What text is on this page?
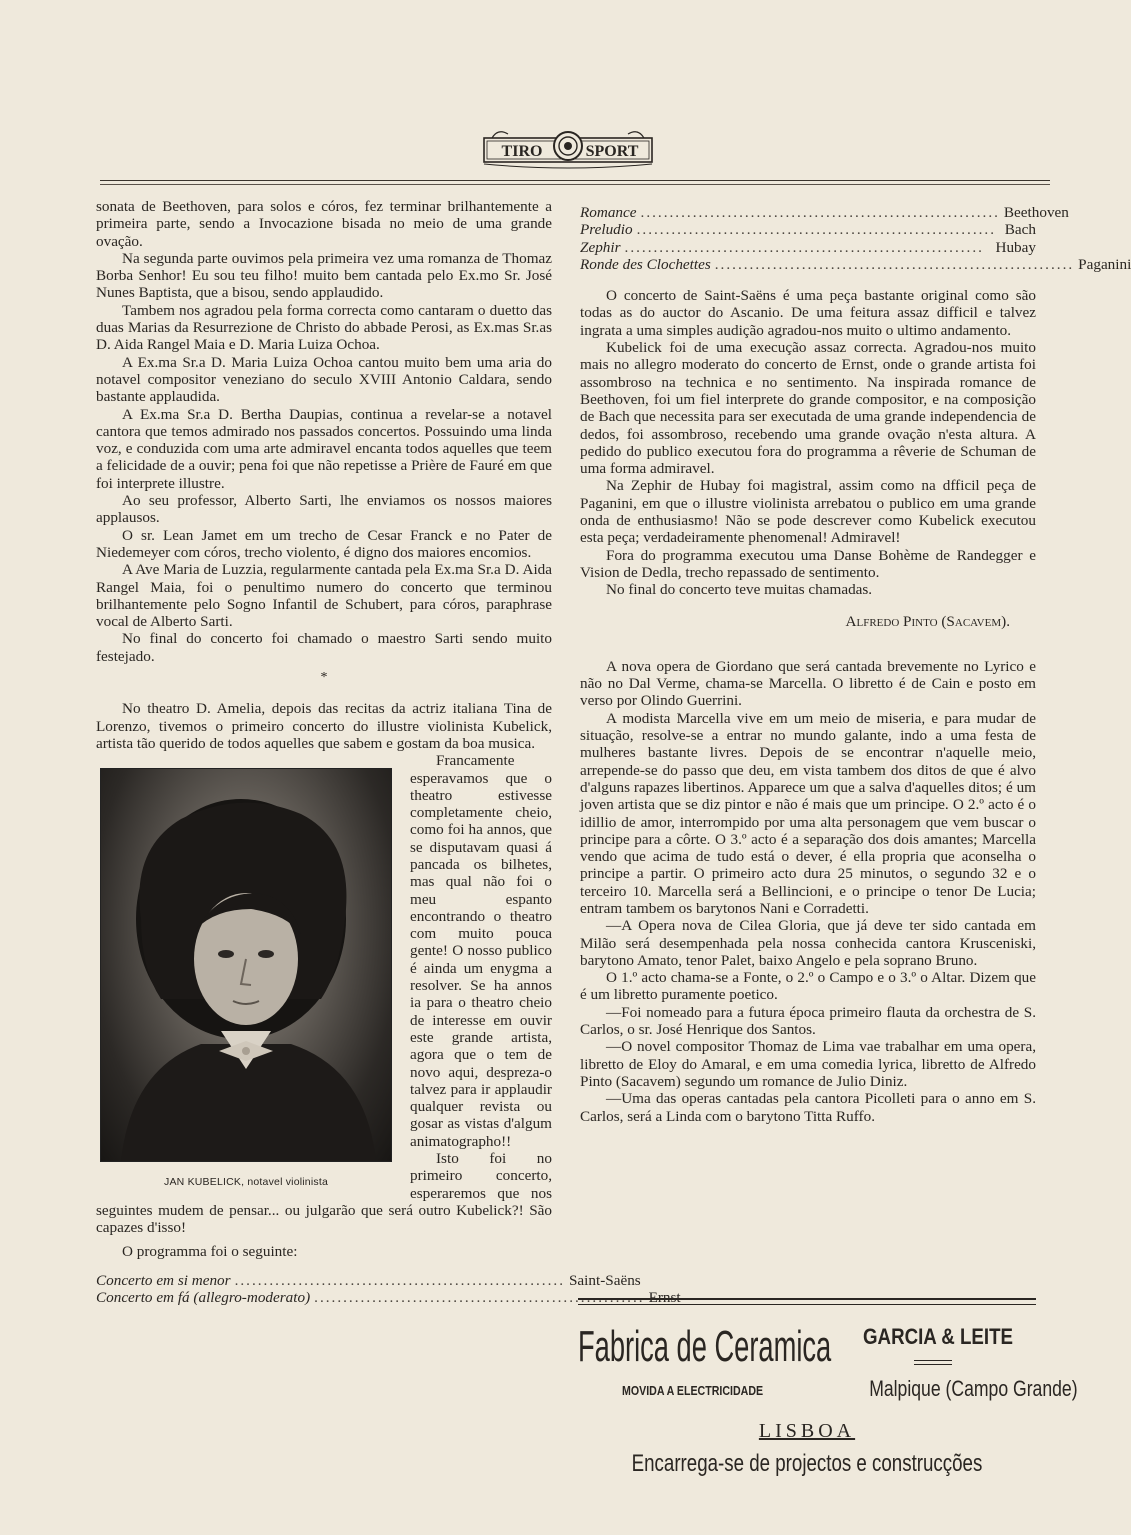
TIRO	SPORT

sonata de Beethoven, para solos e córos, fez terminar brilhantemente a primeira parte, sendo a Invocazione bisada no meio de uma grande ovação.

Na segunda parte ouvimos pela primeira vez uma romanza de Thomaz Borba Senhor! Eu sou teu filho! muito bem cantada pelo Ex.mo Sr. José Nunes Baptista, que a bisou, sendo applaudido.

Tambem nos agradou pela forma correcta como cantaram o duetto das duas Marias da Resurrezione de Christo do abbade Perosi, as Ex.mas Sr.as D. Aida Rangel Maia e D. Maria Luiza Ochoa.

A Ex.ma Sr.a D. Maria Luiza Ochoa cantou muito bem uma aria do notavel compositor veneziano do seculo XVIII Antonio Caldara, sendo bastante applaudida.

A Ex.ma Sr.a D. Bertha Daupias, continua a revelar-se a notavel cantora que temos admirado nos passados concertos. Possuindo uma linda voz, e conduzida com uma arte admiravel encanta todos aquelles que teem a felicidade de a ouvir; pena foi que não repetisse a Prière de Fauré em que foi interprete illustre.

Ao seu professor, Alberto Sarti, lhe enviamos os nossos maiores applausos.

O sr. Lean Jamet em um trecho de Cesar Franck e no Pater de Niedemeyer com córos, trecho violento, é digno dos maiores encomios.

A Ave Maria de Luzzia, regularmente cantada pela Ex.ma Sr.a D. Aida Rangel Maia, foi o penultimo numero do concerto que terminou brilhantemente pelo Sogno Infantil de Schubert, para córos, paraphrase vocal de Alberto Sarti.

No final do concerto foi chamado o maestro Sarti sendo muito festejado.

*

No theatro D. Amelia, depois das recitas da actriz italiana Tina de Lorenzo, tivemos o primeiro concerto do illustre violinista Kubelick, artista tão querido de todos aquelles que sabem e gostam da boa musica.

JAN KUBELICK, notavel violinista

Francamente esperavamos que o theatro estivesse completamente cheio, como foi ha annos, que se disputavam quasi á pancada os bilhetes, mas qual não foi o meu espanto encontrando o theatro com muito pouca gente! O nosso publico é ainda um enygma a resolver. Se ha annos ia para o theatro cheio de interesse em ouvir este grande artista, agora que o tem de novo aqui, despreza-o talvez para ir applaudir qualquer revista ou gosar as vistas d'algum animatographo!!

Isto foi no primeiro concerto, esperaremos que nos seguintes mudem de pensar... ou julgarão que será outro Kubelick?! São capazes d'isso!

O programma foi o seguinte:

Concerto em si menor ......................................................... Saint-Saëns
Concerto em fá (allegro-moderato) ......................................................... Ernst
Romance .............................................................. Beethoven
Preludio .............................................................. Bach
Zephir .............................................................. Hubay
Ronde des Clochettes .............................................................. Paganini

O concerto de Saint-Saëns é uma peça bastante original como são todas as do auctor do Ascanio. De uma feitura assaz difficil e talvez ingrata a uma simples audição agradou-nos muito o ultimo andamento.

Kubelick foi de uma execução assaz correcta. Agradou-nos muito mais no allegro moderato do concerto de Ernst, onde o grande artista foi assombroso na technica e no sentimento. Na inspirada romance de Beethoven, foi um fiel interprete do grande compositor, e na composição de Bach que necessita para ser executada de uma grande independencia de dedos, foi assombroso, recebendo uma grande ovação n'esta altura. A pedido do publico executou fora do programma a rêverie de Schuman de uma forma admiravel.

Na Zephir de Hubay foi magistral, assim como na dfficil peça de Paganini, em que o illustre violinista arrebatou o publico em uma grande onda de enthusiasmo! Não se pode descrever como Kubelick executou esta peça; verdadeiramente phenomenal! Admiravel!

Fora do programma executou uma Danse Bohème de Randegger e Vision de Dedla, trecho repassado de sentimento.

No final do concerto teve muitas chamadas.

Alfredo Pinto (Sacavem).

A nova opera de Giordano que será cantada brevemente no Lyrico e não no Dal Verme, chama-se Marcella. O libretto é de Cain e posto em verso por Olindo Guerrini.

A modista Marcella vive em um meio de miseria, e para mudar de situação, resolve-se a entrar no mundo galante, indo a uma festa de mulheres bastante livres. Depois de se encontrar n'aquelle meio, arrepende-se do passo que deu, em vista tambem dos ditos de que é alvo d'alguns rapazes libertinos. Apparece um que a salva d'aquelles ditos; é um joven artista que se diz pintor e não é mais que um principe. O 2.º acto é o idillio de amor, interrompido por uma alta personagem que vem buscar o principe para a côrte. O 3.º acto é a separação dos dois amantes; Marcella vendo que acima de tudo está o dever, é ella propria que aconselha o principe a partir. O primeiro acto dura 25 minutos, o segundo 32 e o terceiro 10. Marcella será a Bellincioni, e o principe o tenor De Lucia; entram tambem os barytonos Nani e Corradetti.

—A Opera nova de Cilea Gloria, que já deve ter sido cantada em Milão será desempenhada pela nossa conhecida cantora Krusceniski, barytono Amato, tenor Palet, baixo Angelo e pela soprano Bruno.

O 1.º acto chama-se a Fonte, o 2.º o Campo e o 3.º o Altar. Dizem que é um libretto puramente poetico.

—Foi nomeado para a futura época primeiro flauta da orchestra de S. Carlos, o sr. José Henrique dos Santos.

—O novel compositor Thomaz de Lima vae trabalhar em uma opera, libretto de Eloy do Amaral, e em uma comedia lyrica, libretto de Alfredo Pinto (Sacavem) segundo um romance de Julio Diniz.

—Uma das operas cantadas pela cantora Picolleti para o anno em S. Carlos, será a Linda com o barytono Titta Ruffo.

Fabrica de Ceramica GARCIA & LEITE
MOVIDA A ELECTRICIDADE	Malpique (Campo Grande)
LISBOA
Encarrega-se de projectos e construcções
